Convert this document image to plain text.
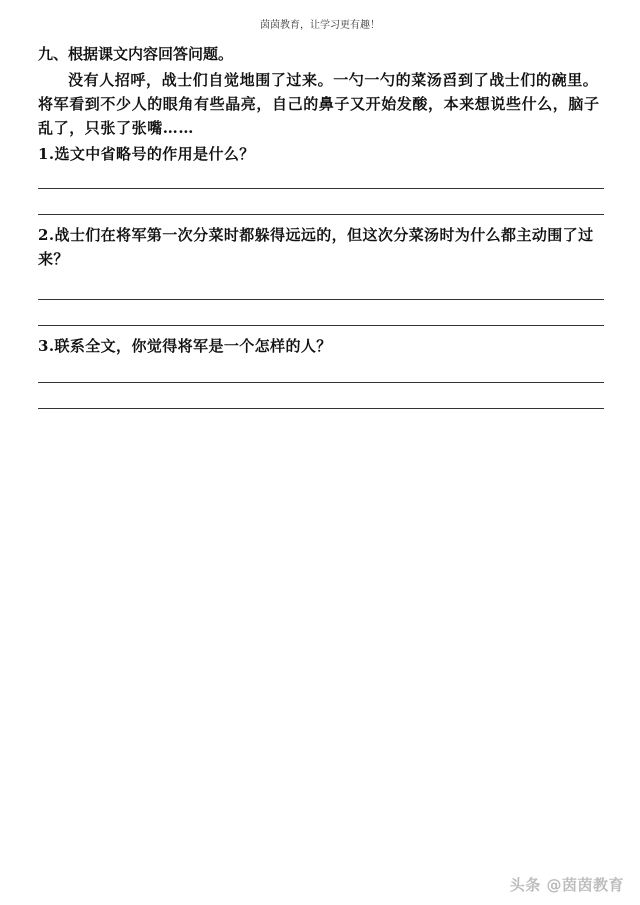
茵茵教育，让学习更有趣！

九、根据课文内容回答问题。

没有人招呼，战士们自觉地围了过来。一勺一勺的菜汤舀到了战士们的碗里。将军看到不少人的眼角有些晶亮，自己的鼻子又开始发酸，本来想说些什么，脑子乱了，只张了张嘴……

1.选文中省略号的作用是什么？

2.战士们在将军第一次分菜时都躲得远远的，但这次分菜汤时为什么都主动围了过来？

3.联系全文，你觉得将军是一个怎样的人？

头条 @茵茵教育
